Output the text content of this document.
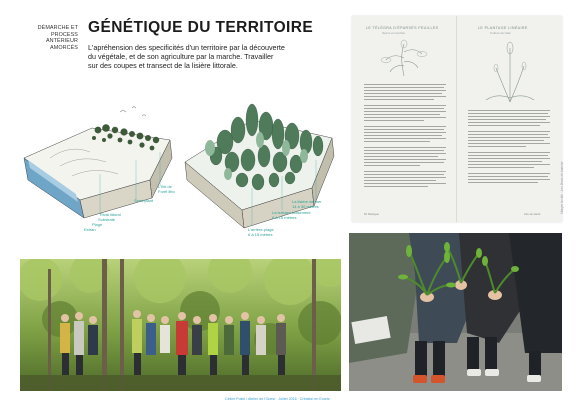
DÉMARCHE ET
PROCESS ANTÉRIEUR
AMORCÉS
GÉNÉTIQUE DU TERRITOIRE
L'apréhension des specificités d'un territoire par la découverte
du végétale, et de son agriculture par la marche. Travailler
sur des coupes et transect de la lisière littorale.
L'Ilôt de
Forêt litto
Semi-plant
Rival littoral
Substrate
Plage
Estran
La lisière de mer
14 à 30 mètres
La tertiaire boisement
6 à 15 mètres
L'arrière-plage
6 à 15 mètres
LE TÉLÉGRA D'ÉPARSÉS FEUILLES
Semis et récoltes
LE PLANTAGE LINÉAIRE
Culture de l'aile
52 Dialogue	Aire de santé	Marger la ville · Les fleurs de tranche
Céline Poitel / Atelier de l'Ouest · Juillet 2016 · Création en Ecarts
